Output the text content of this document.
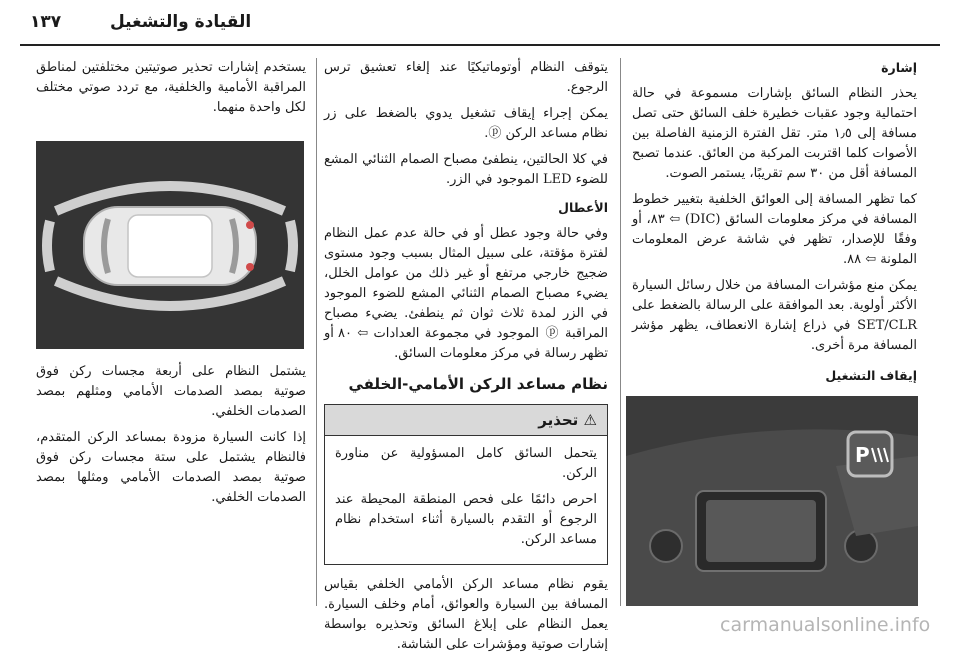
١٣٧	القيادة والتشغيل

إشارة

يحذر النظام السائق بإشارات مسموعة في حالة احتمالية وجود عقبات خطيرة خلف السائق حتى تصل مسافة إلى ١٫٥ متر. تقل الفترة الزمنية الفاصلة بين الأصوات كلما اقتربت المركبة من العائق. عندما تصبح المسافة أقل من ٣٠ سم تقريبًا، يستمر الصوت.

كما تظهر المسافة إلى العوائق الخلفية بتغيير خطوط المسافة في مركز معلومات السائق (DIC) ⇦ ٨٣، أو وفقًا للإصدار، تظهر في شاشة عرض المعلومات الملونة ⇦ ٨٨.

يمكن منع مؤشرات المسافة من خلال رسائل السيارة الأكثر أولوية. بعد الموافقة على الرسالة بالضغط على SET/CLR في ذراع إشارة الانعطاف، يظهر مؤشر المسافة مرة أخرى.

إيقاف التشغيل

P

يتوقف النظام أوتوماتيكيًا عند إلغاء تعشيق ترس الرجوع.

يمكن إجراء إيقاف تشغيل يدوي بالضغط على زر نظام مساعد الركن ⓟ.

في كلا الحالتين، ينطفئ مصباح الصمام الثنائي المشع للضوء LED الموجود في الزر.

الأعطال

وفي حالة وجود عطل أو في حالة عدم عمل النظام لفترة مؤقتة، على سبيل المثال بسبب وجود مستوى ضجيج خارجي مرتفع أو غير ذلك من عوامل الخلل، يضيء مصباح الصمام الثنائي المشع للضوء الموجود في الزر لمدة ثلاث ثوان ثم ينطفئ. يضيء مصباح المراقبة ⓟ الموجود في مجموعة العدادات ⇦ ٨٠ أو تظهر رسالة في مركز معلومات السائق.

نظام مساعد الركن الأمامي-الخلفي
⚠ تحذير

يتحمل السائق كامل المسؤولية عن مناورة الركن.

احرص دائمًا على فحص المنطقة المحيطة عند الرجوع أو التقدم بالسيارة أثناء استخدام نظام مساعد الركن.

يقوم نظام مساعد الركن الأمامي الخلفي بقياس المسافة بين السيارة والعوائق، أمام وخلف السيارة. يعمل النظام على إبلاغ السائق وتحذيره بواسطة إشارات صوتية ومؤشرات على الشاشة.

يستخدم إشارات تحذير صوتيتين مختلفتين لمناطق المراقبة الأمامية والخلفية، مع تردد صوتي مختلف لكل واحدة منهما.

يشتمل النظام على أربعة مجسات ركن فوق صوتية بمصد الصدمات الأمامي ومثلهم بمصد الصدمات الخلفي.

إذا كانت السيارة مزودة بمساعد الركن المتقدم، فالنظام يشتمل على ستة مجسات ركن فوق صوتية بمصد الصدمات الأمامي ومثلها بمصد الصدمات الخلفي.

carmanualsonline.info
